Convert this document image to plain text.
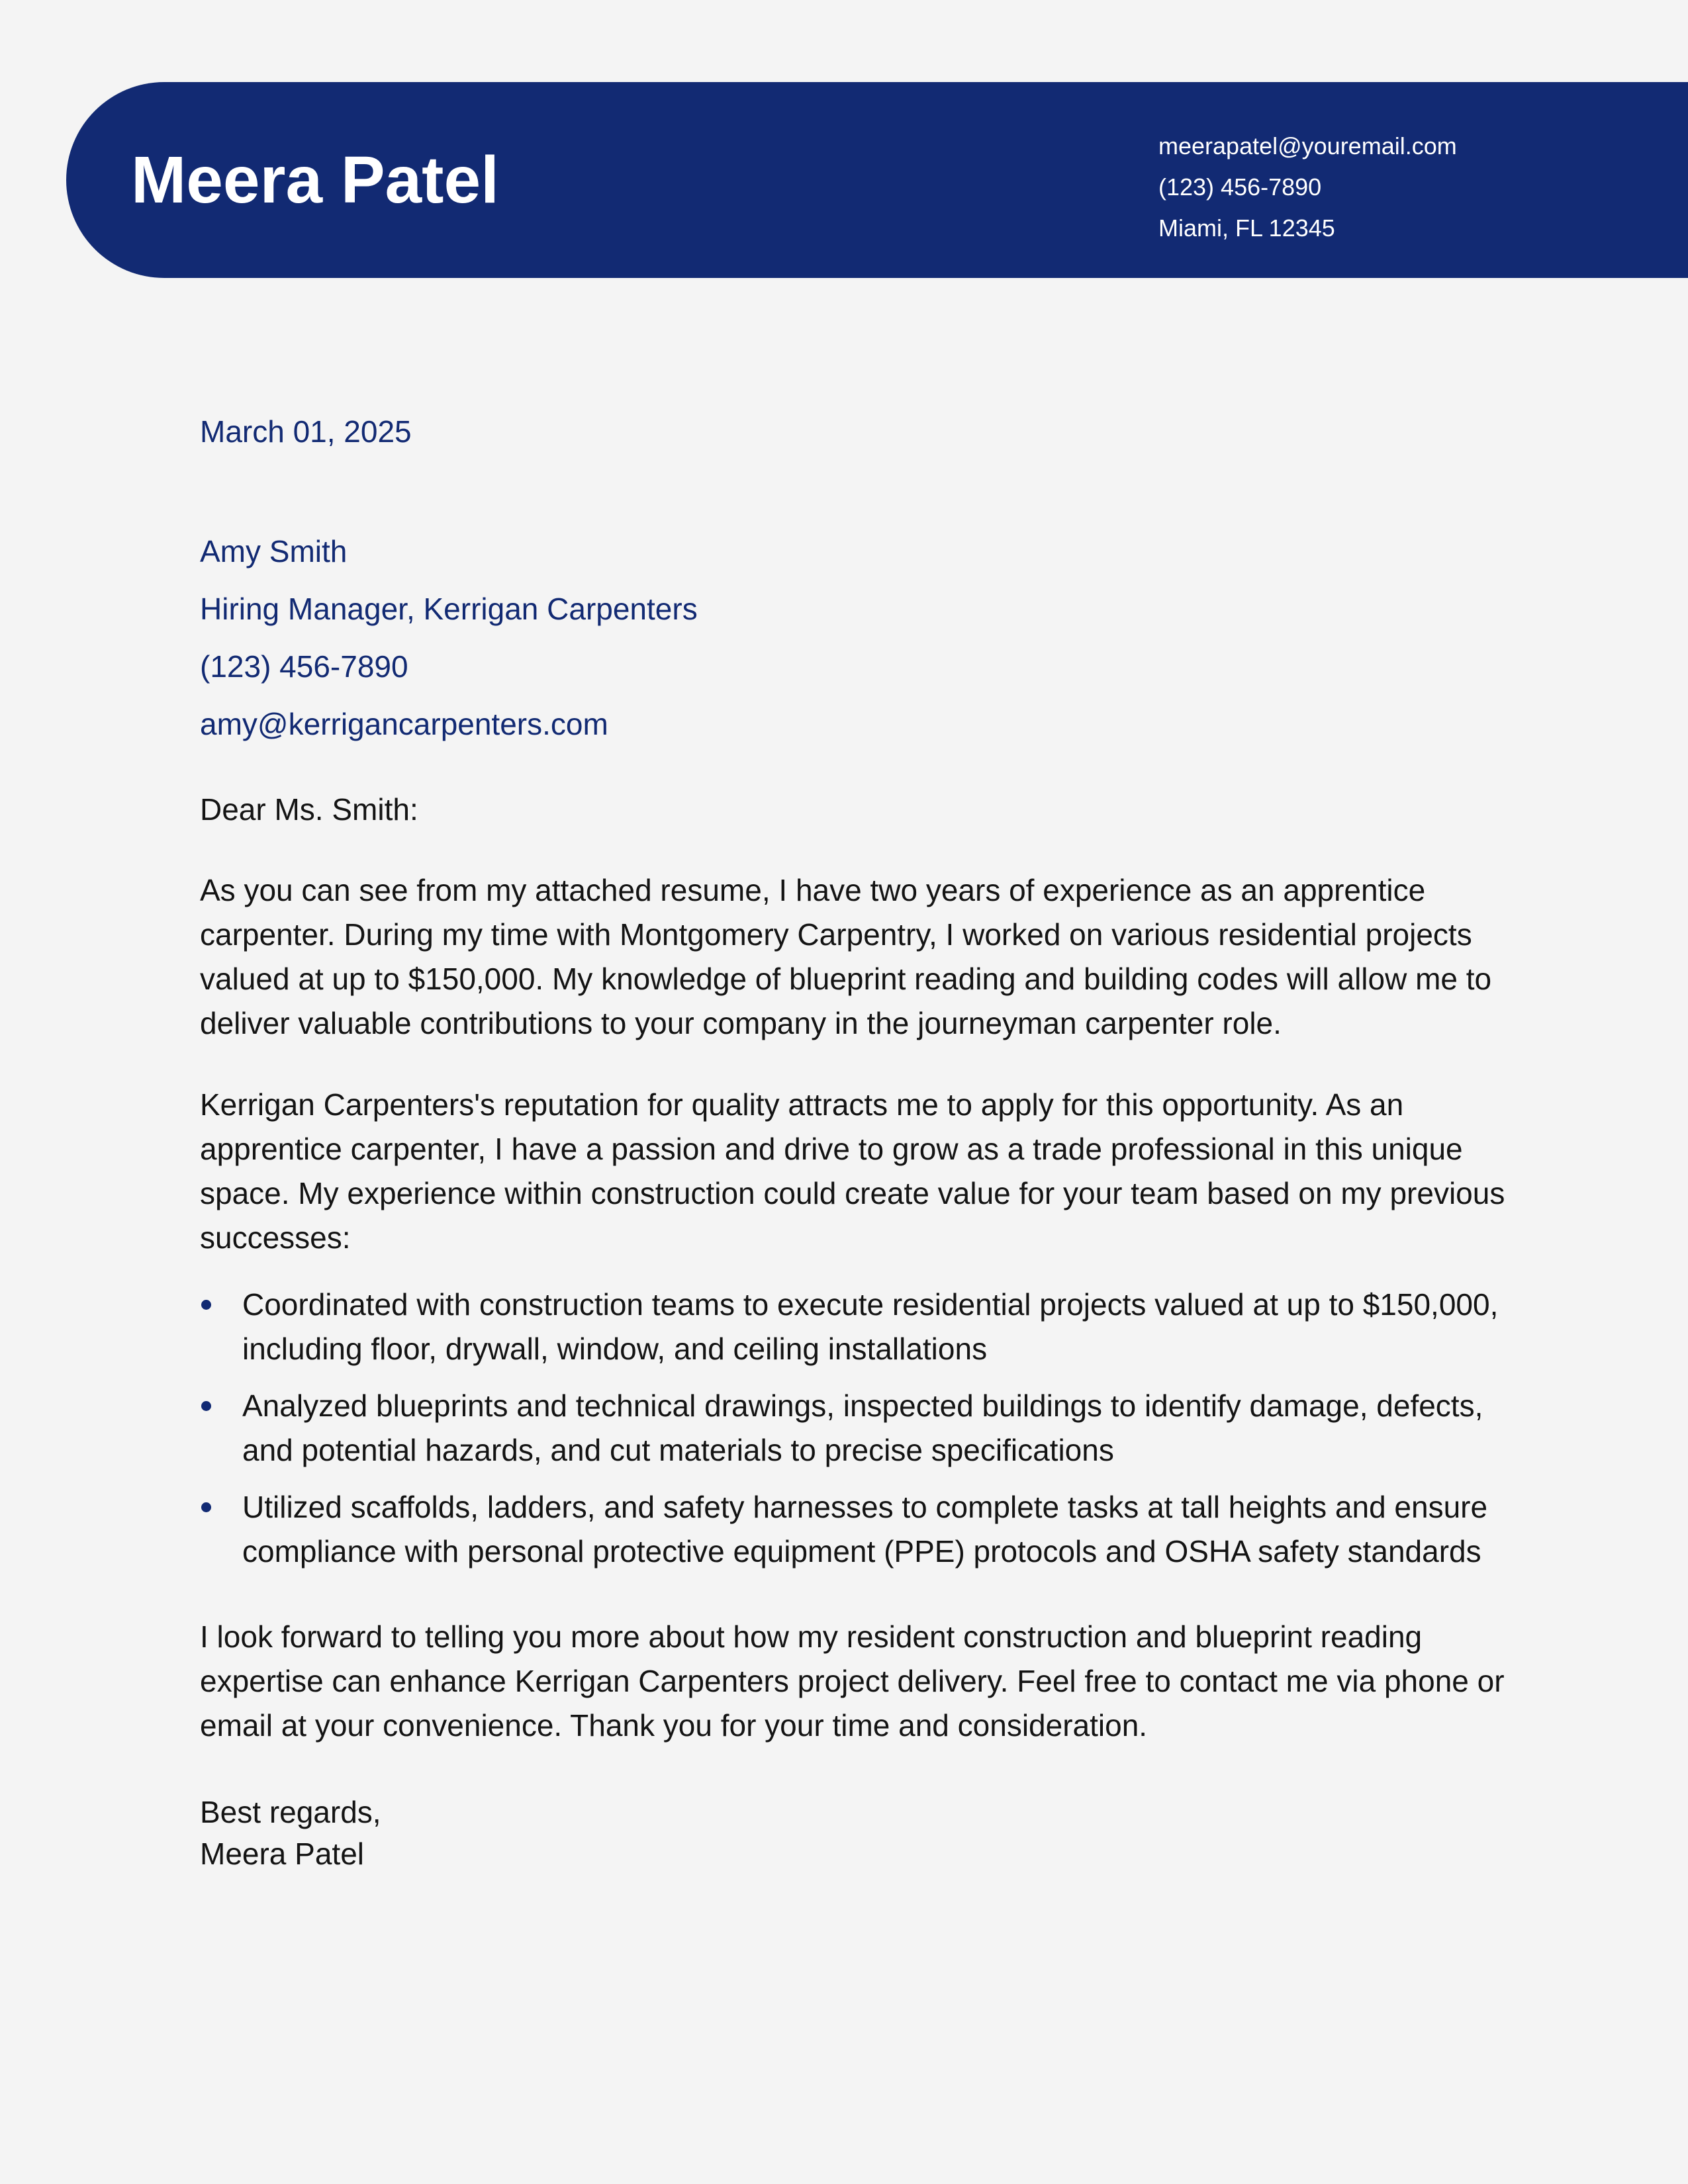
Meera Patel	meerapatel@youremail.com
(123) 456-7890
Miami, FL 12345

March 01, 2025

Amy Smith
Hiring Manager, Kerrigan Carpenters
(123) 456-7890
amy@kerrigancarpenters.com
Dear Ms. Smith:
As you can see from my attached resume, I have two years of experience as an apprentice carpenter. During my time with Montgomery Carpentry, I worked on various residential projects valued at up to $150,000. My knowledge of blueprint reading and building codes will allow me to deliver valuable contributions to your company in the journeyman carpenter role.
Kerrigan Carpenters's reputation for quality attracts me to apply for this opportunity. As an apprentice carpenter, I have a passion and drive to grow as a trade professional in this unique space. My experience within construction could create value for your team based on my previous successes:
Coordinated with construction teams to execute residential projects valued at up to $150,000, including floor, drywall, window, and ceiling installations
Analyzed blueprints and technical drawings, inspected buildings to identify damage, defects, and potential hazards, and cut materials to precise specifications
Utilized scaffolds, ladders, and safety harnesses to complete tasks at tall heights and ensure compliance with personal protective equipment (PPE) protocols and OSHA safety standards
I look forward to telling you more about how my resident construction and blueprint reading expertise can enhance Kerrigan Carpenters project delivery. Feel free to contact me via phone or email at your convenience. Thank you for your time and consideration.
Best regards,
Meera Patel
